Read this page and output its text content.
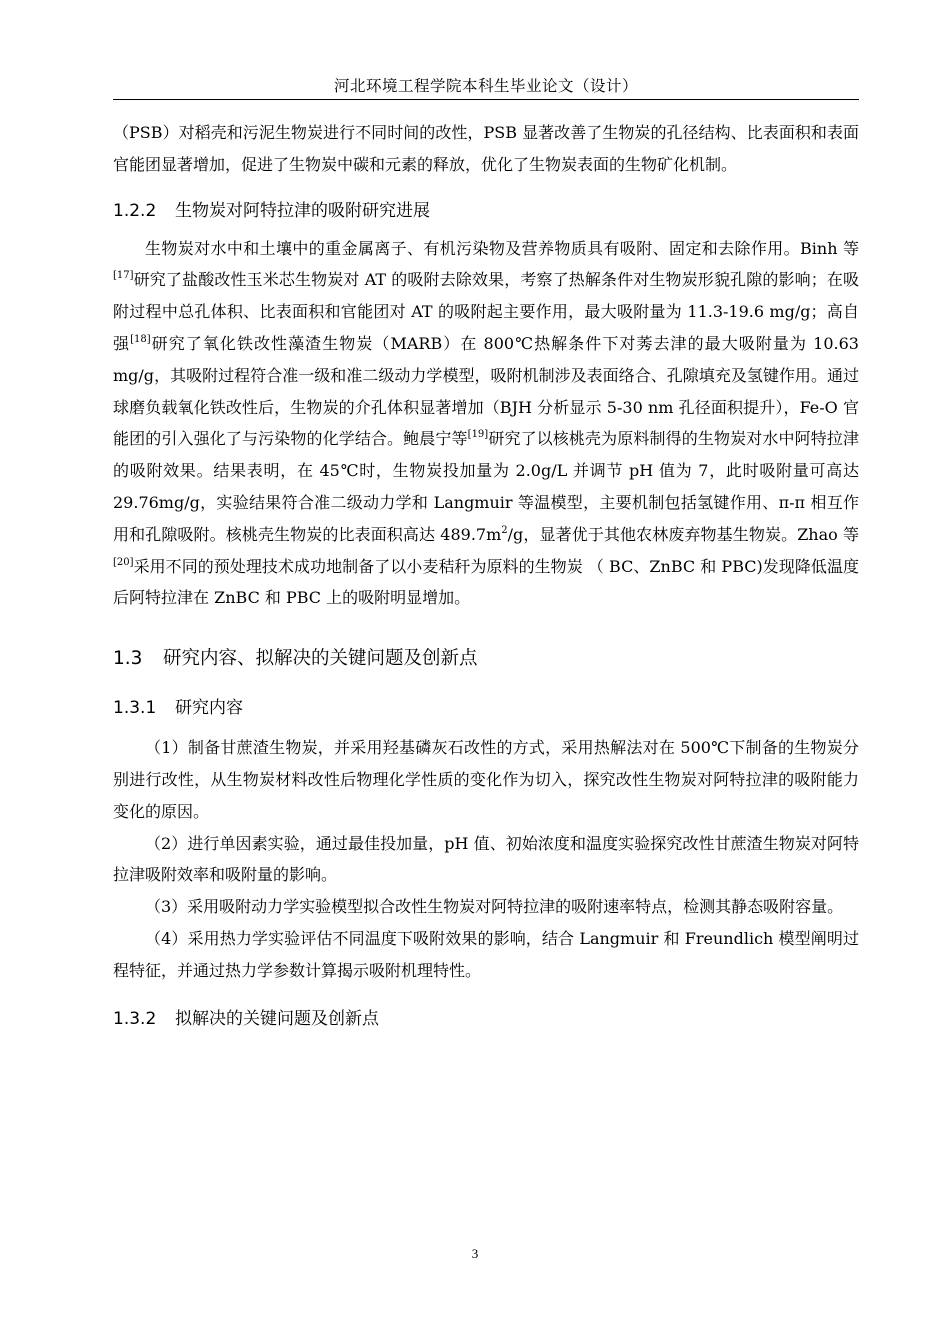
河北环境工程学院本科生毕业论文（设计）

（PSB）对稻壳和污泥生物炭进行不同时间的改性，PSB 显著改善了生物炭的孔径结构、比表面积和表面官能团显著增加，促进了生物炭中碳和元素的释放，优化了生物炭表面的生物矿化机制。

1.2.2 生物炭对阿特拉津的吸附研究进展

生物炭对水中和土壤中的重金属离子、有机污染物及营养物质具有吸附、固定和去除作用。Binh 等[17]研究了盐酸改性玉米芯生物炭对 AT 的吸附去除效果，考察了热解条件对生物炭形貌孔隙的影响；在吸附过程中总孔体积、比表面积和官能团对 AT 的吸附起主要作用，最大吸附量为 11.3-19.6 mg/g；高自强[18]研究了氧化铁改性藻渣生物炭（MARB）在 800℃热解条件下对莠去津的最大吸附量为 10.63 mg/g，其吸附过程符合准一级和准二级动力学模型，吸附机制涉及表面络合、孔隙填充及氢键作用。通过球磨负载氧化铁改性后，生物炭的介孔体积显著增加（BJH 分析显示 5-30 nm 孔径面积提升），Fe-O 官能团的引入强化了与污染物的化学结合。鲍晨宁等[19]研究了以核桃壳为原料制得的生物炭对水中阿特拉津的吸附效果。结果表明，在 45℃时，生物炭投加量为 2.0g/L 并调节 pH 值为 7，此时吸附量可高达 29.76mg/g，实验结果符合准二级动力学和 Langmuir 等温模型，主要机制包括氢键作用、π-π 相互作用和孔隙吸附。核桃壳生物炭的比表面积高达 $489.7m^2/g$，显著优于其他农林废弃物基生物炭。Zhao 等[20]采用不同的预处理技术成功地制备了以小麦秸秆为原料的生物炭 （ BC、ZnBC 和 PBC)发现降低温度后阿特拉津在 ZnBC 和 PBC 上的吸附明显增加。

1.3 研究内容、拟解决的关键问题及创新点
1.3.1 研究内容

（1）制备甘蔗渣生物炭，并采用羟基磷灰石改性的方式，采用热解法对在 500℃下制备的生物炭分别进行改性，从生物炭材料改性后物理化学性质的变化作为切入，探究改性生物炭对阿特拉津的吸附能力变化的原因。

（2）进行单因素实验，通过最佳投加量，pH 值、初始浓度和温度实验探究改性甘蔗渣生物炭对阿特拉津吸附效率和吸附量的影响。

（3）采用吸附动力学实验模型拟合改性生物炭对阿特拉津的吸附速率特点，检测其静态吸附容量。

（4）采用热力学实验评估不同温度下吸附效果的影响，结合 Langmuir 和 Freundlich 模型阐明过程特征，并通过热力学参数计算揭示吸附机理特性。

1.3.2 拟解决的关键问题及创新点
3
